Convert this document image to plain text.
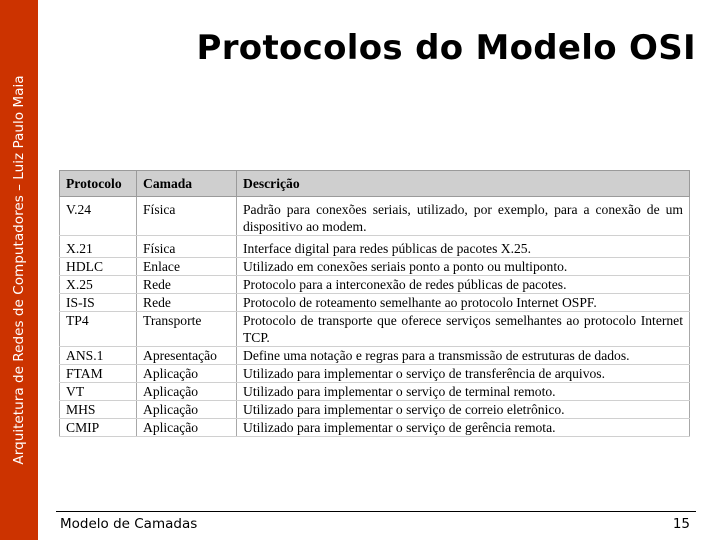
Arquitetura de Redes de Computadores – Luiz Paulo Maia
Protocolos do Modelo OSI
Protocolo	Camada	Descrição
V.24	Física	Padrão para conexões seriais, utilizado, por exemplo, para a conexão de um dispositivo ao modem.
X.21	Física	Interface digital para redes públicas de pacotes X.25.
HDLC	Enlace	Utilizado em conexões seriais ponto a ponto ou multiponto.
X.25	Rede	Protocolo para a interconexão de redes públicas de pacotes.
IS-IS	Rede	Protocolo de roteamento semelhante ao protocolo Internet OSPF.
TP4	Transporte	Protocolo de transporte que oferece serviços semelhantes ao protocolo Internet TCP.
ANS.1	Apresentação	Define uma notação e regras para a transmissão de estruturas de dados.
FTAM	Aplicação	Utilizado para implementar o serviço de transferência de arquivos.
VT	Aplicação	Utilizado para implementar o serviço de terminal remoto.
MHS	Aplicação	Utilizado para implementar o serviço de correio eletrônico.
CMIP	Aplicação	Utilizado para implementar o serviço de gerência remota.
Modelo de Camadas	15
